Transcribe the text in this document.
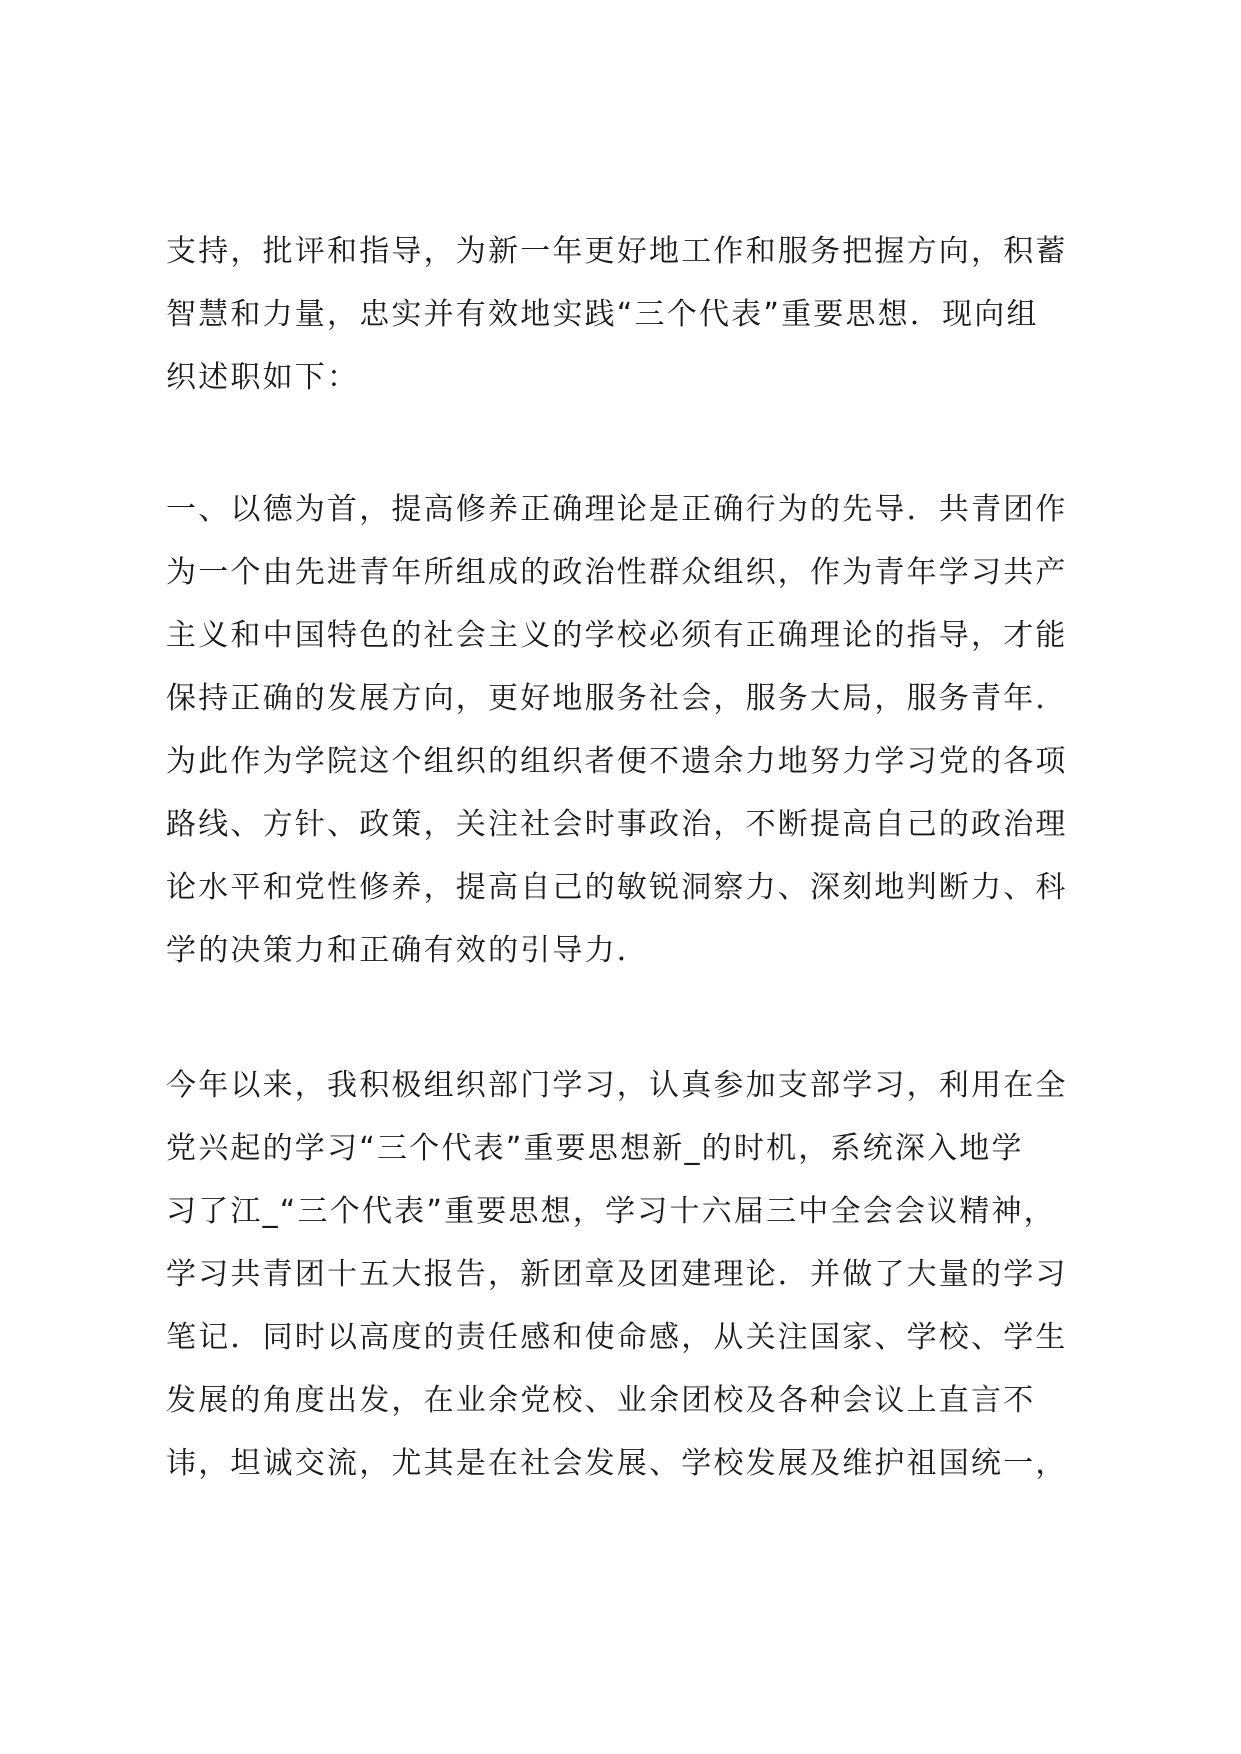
支持，批评和指导，为新一年更好地工作和服务把握方向，积蓄
智慧和力量，忠实并有效地实践“三个代表”重要思想．现向组
织述职如下：
一、以德为首，提高修养正确理论是正确行为的先导．共青团作
为一个由先进青年所组成的政治性群众组织，作为青年学习共产
主义和中国特色的社会主义的学校必须有正确理论的指导，才能
保持正确的发展方向，更好地服务社会，服务大局，服务青年．
为此作为学院这个组织的组织者便不遗余力地努力学习党的各项
路线、方针、政策，关注社会时事政治，不断提高自己的政治理
论水平和党性修养，提高自己的敏锐洞察力、深刻地判断力、科
学的决策力和正确有效的引导力．
今年以来，我积极组织部门学习，认真参加支部学习，利用在全
党兴起的学习“三个代表”重要思想新_的时机，系统深入地学
习了江_“三个代表”重要思想，学习十六届三中全会会议精神，
学习共青团十五大报告，新团章及团建理论．并做了大量的学习
笔记．同时以高度的责任感和使命感，从关注国家、学校、学生
发展的角度出发，在业余党校、业余团校及各种会议上直言不
讳，坦诚交流，尤其是在社会发展、学校发展及维护祖国统一，
